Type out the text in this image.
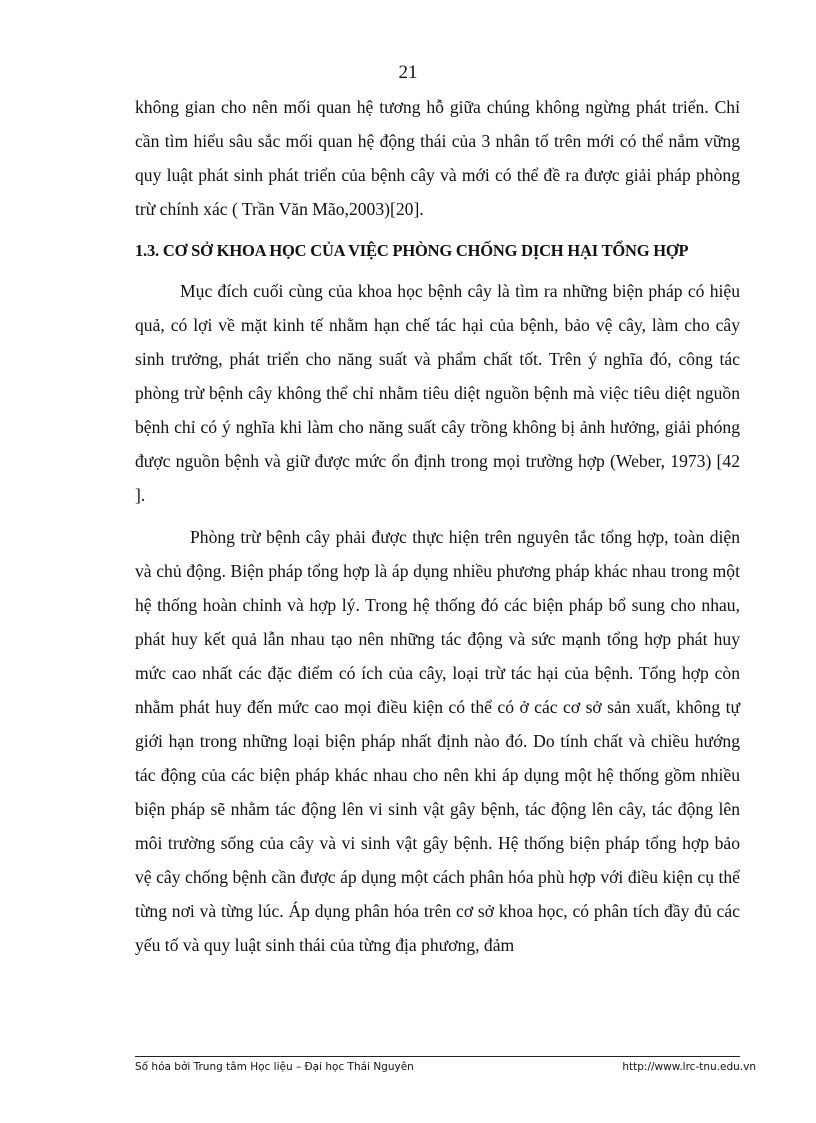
21

không gian cho nên mối quan hệ tương hỗ giữa chúng không ngừng phát triển. Chỉ cần tìm hiểu sâu sắc mối quan hệ động thái của 3 nhân tố trên mới có thể nắm vững quy luật phát sinh phát triển của bệnh cây và mới có thể đề ra được giải pháp phòng trừ chính xác ( Trần Văn Mão,2003)[20].

1.3. CƠ SỞ KHOA HỌC CỦA VIỆC PHÒNG CHỐNG DỊCH HẠI TỔNG HỢP

Mục đích cuối cùng của khoa học bệnh cây là tìm ra những biện pháp có hiệu quả, có lợi về mặt kinh tế nhằm hạn chế tác hại của bệnh, bảo vệ cây, làm cho cây sinh trưởng, phát triển cho năng suất và phẩm chất tốt. Trên ý nghĩa đó, công tác phòng trừ bệnh cây không thể chỉ nhằm tiêu diệt nguồn bệnh mà việc tiêu diệt nguồn bệnh chỉ có ý nghĩa khi làm cho năng suất cây trồng không bị ảnh hưởng, giải phóng được nguồn bệnh và giữ được mức ổn định trong mọi trường hợp (Weber, 1973) [42 ].

Phòng trừ bệnh cây phải được thực hiện trên nguyên tắc tổng hợp, toàn diện và chủ động. Biện pháp tổng hợp là áp dụng nhiều phương pháp khác nhau trong một hệ thống hoàn chỉnh và hợp lý. Trong hệ thống đó các biện pháp bổ sung cho nhau, phát huy kết quả lẫn nhau tạo nên những tác động và sức mạnh tổng hợp phát huy mức cao nhất các đặc điểm có ích của cây, loại trừ tác hại của bệnh. Tổng hợp còn nhằm phát huy đến mức cao mọi điều kiện có thể có ở các cơ sở sản xuất, không tự giới hạn trong những loại biện pháp nhất định nào đó. Do tính chất và chiều hướng tác động của các biện pháp khác nhau cho nên khi áp dụng một hệ thống gồm nhiều biện pháp sẽ nhằm tác động lên vi sinh vật gây bệnh, tác động lên cây, tác động lên môi trường sống của cây và vi sinh vật gây bệnh. Hệ thống biện pháp tổng hợp bảo vệ cây chống bệnh cần được áp dụng một cách phân hóa phù hợp với điều kiện cụ thể từng nơi và từng lúc. Áp dụng phân hóa trên cơ sở khoa học, có phân tích đầy đủ các yếu tố và quy luật sinh thái của từng địa phương, đảm

Số hóa bởi Trung tâm Học liệu – Đại học Thái Nguyên	http://www.lrc-tnu.edu.vn
